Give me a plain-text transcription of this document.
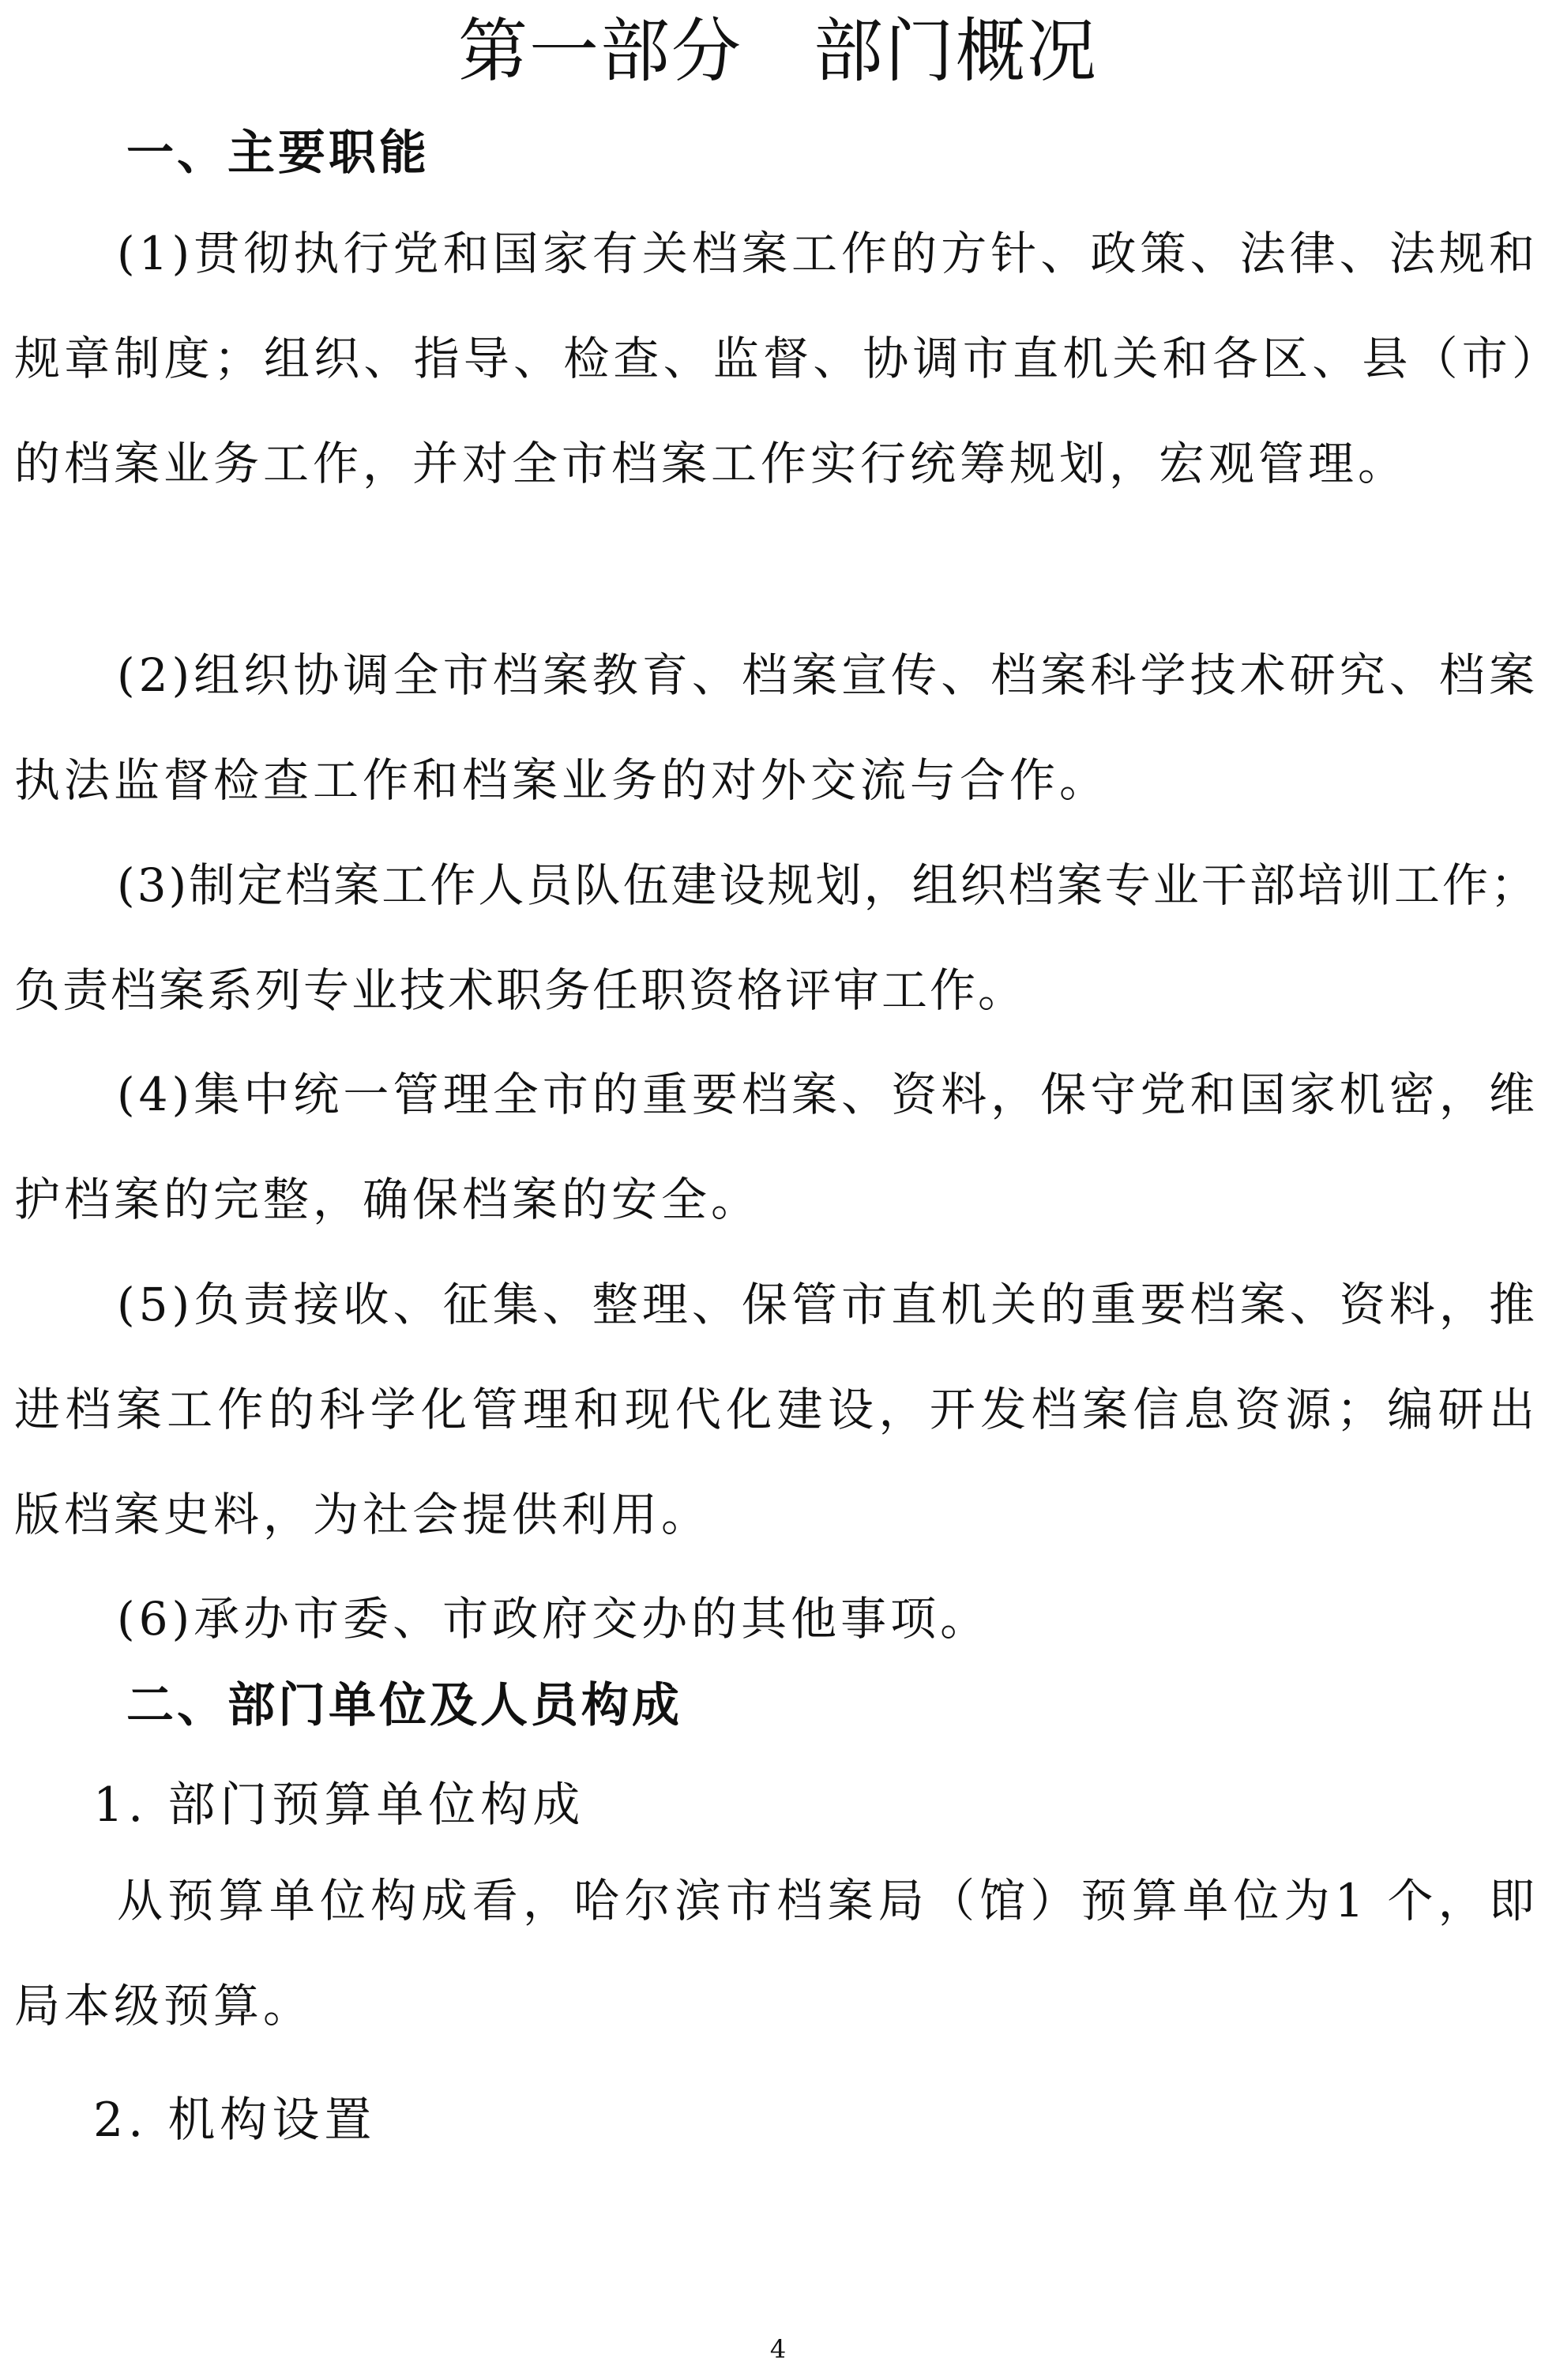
第一部分　部门概况
一、主要职能

(1)贯彻执行党和国家有关档案工作的方针、政策、法律、法规和规章制度；组织、指导、检查、监督、协调市直机关和各区、县（市）的档案业务工作，并对全市档案工作实行统筹规划，宏观管理。

(2)组织协调全市档案教育、档案宣传、档案科学技术研究、档案执法监督检查工作和档案业务的对外交流与合作。

(3)制定档案工作人员队伍建设规划，组织档案专业干部培训工作；负责档案系列专业技术职务任职资格评审工作。

(4)集中统一管理全市的重要档案、资料，保守党和国家机密，维护档案的完整，确保档案的安全。

(5)负责接收、征集、整理、保管市直机关的重要档案、资料，推进档案工作的科学化管理和现代化建设，开发档案信息资源；编研出版档案史料，为社会提供利用。

(6)承办市委、市政府交办的其他事项。

二、部门单位及人员构成
1. 部门预算单位构成

从预算单位构成看，哈尔滨市档案局（馆）预算单位为1 个，即局本级预算。

2. 机构设置
4
